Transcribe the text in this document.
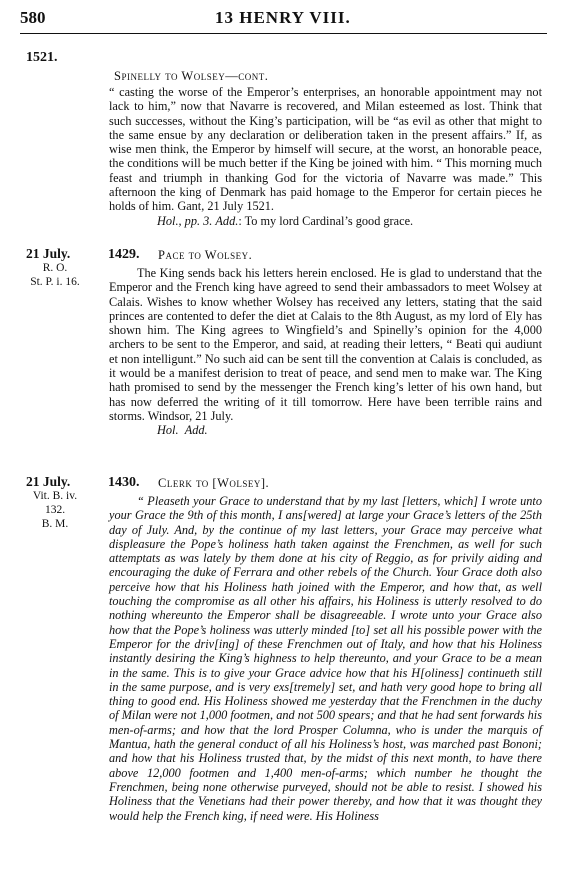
580	13 HENRY VIII.
1521.
Spinelly to Wolsey—cont.

“ casting the worse of the Emperor’s enterprises, an honorable appointment may not lack to him,” now that Navarre is recovered, and Milan esteemed as lost. Think that such successes, without the King’s participation, will be “as evil as other that might to the same ensue by any declaration or deliberation taken in the present affairs.” If, as wise men think, the Emperor by himself will secure, at the worst, an honorable peace, the conditions will be much better if the King be joined with him. “ This morning much feast and triumph in thanking God for the victoria of Navarre was made.” This afternoon the king of Denmark has paid homage to the Emperor for certain pieces he holds of him. Gant, 21 July 1521.

Hol., pp. 3. Add.: To my lord Cardinal’s good grace.

21 July.
R. O.
St. P. i. 16.
1429. Pace to Wolsey.

The King sends back his letters herein enclosed. He is glad to understand that the Emperor and the French king have agreed to send their ambassadors to meet Wolsey at Calais. Wishes to know whether Wolsey has received any letters, stating that the said princes are contented to defer the diet at Calais to the 8th August, as my lord of Ely has shown him. The King agrees to Wingfield’s and Spinelly’s opinion for the 4,000 archers to be sent to the Emperor, and said, at reading their letters, “ Beati qui audiunt et non intelligunt.” No such aid can be sent till the convention at Calais is concluded, as it would be a manifest derision to treat of peace, and send men to make war. The King hath promised to send by the messenger the French king’s letter of his own hand, but has now deferred the writing of it till tomorrow. Here have been terrible rains and storms. Windsor, 21 July.

Hol. Add.

21 July.
Vit. B. iv.
132.
B. M.
1430. Clerk to [Wolsey].

“ Pleaseth your Grace to understand that by my last [letters, which] I wrote unto your Grace the 9th of this month, I ans[wered] at large your Grace’s letters of the 25th day of July. And, by the continue of my last letters, your Grace may perceive what displeasure the Pope’s holiness hath taken against the Frenchmen, as well for such attemptats as was lately by them done at his city of Reggio, as for privily aiding and encouraging the duke of Ferrara and other rebels of the Church. Your Grace doth also perceive how that his Holiness hath joined with the Emperor, and how that, as well touching the compromise as all other his affairs, his Holiness is utterly resolved to do nothing whereunto the Emperor shall be disagreeable. I wrote unto your Grace also how that the Pope’s holiness was utterly minded [to] set all his possible power with the Emperor for the driv[ing] of these Frenchmen out of Italy, and how that his Holiness instantly desiring the King’s highness to help thereunto, and your Grace to be a mean in the same. This is to give your Grace advice how that his H[oliness] continueth still in the same purpose, and is very exs[tremely] set, and hath very good hope to bring all thing to good end. His Holiness showed me yesterday that the Frenchmen in the duchy of Milan were not 1,000 footmen, and not 500 spears; and that he had sent forwards his men-of-arms; and how that the lord Prosper Columna, who is under the marquis of Mantua, hath the general conduct of all his Holiness’s host, was marched past Bononi; and how that his Holiness trusted that, by the midst of this next month, to have there above 12,000 footmen and 1,400 men-of-arms; which number he thought the Frenchmen, being none otherwise purveyed, should not be able to resist. I showed his Holiness that the Venetians had their power thereby, and how that it was thought they would help the French king, if need were. His Holiness
